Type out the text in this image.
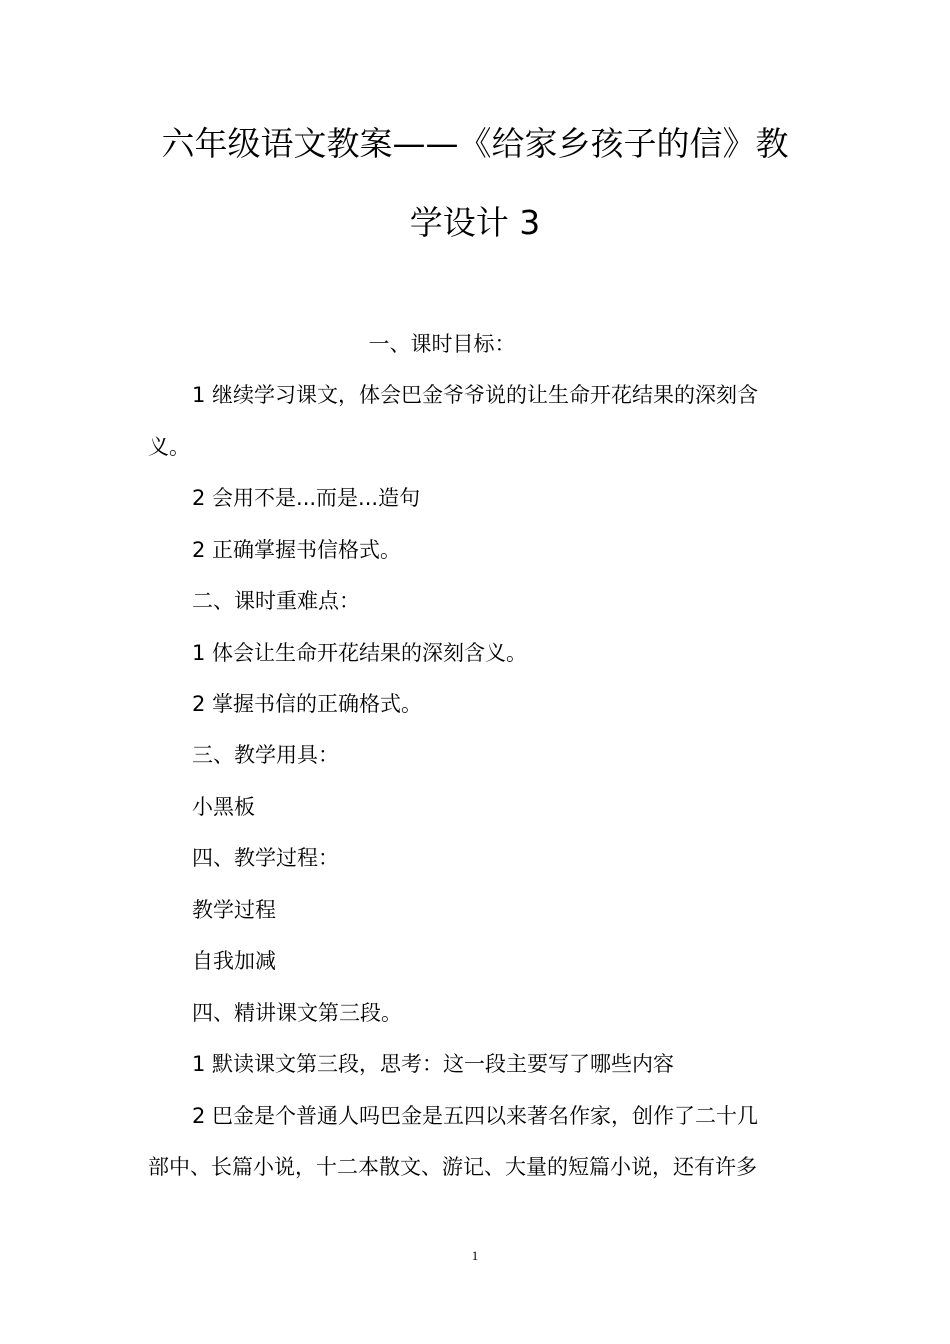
六年级语文教案——《给家乡孩子的信》教
学设计 3
一、课时目标：
1 继续学习课文，体会巴金爷爷说的让生命开花结果的深刻含
义。
2 会用不是...而是...造句
2 正确掌握书信格式。
二、课时重难点：
1 体会让生命开花结果的深刻含义。
2 掌握书信的正确格式。
三、教学用具：
小黑板
四、教学过程：
教学过程
自我加减
四、精讲课文第三段。
1 默读课文第三段，思考：这一段主要写了哪些内容
2 巴金是个普通人吗巴金是五四以来著名作家，创作了二十几
部中、长篇小说，十二本散文、游记、大量的短篇小说，还有许多
1
